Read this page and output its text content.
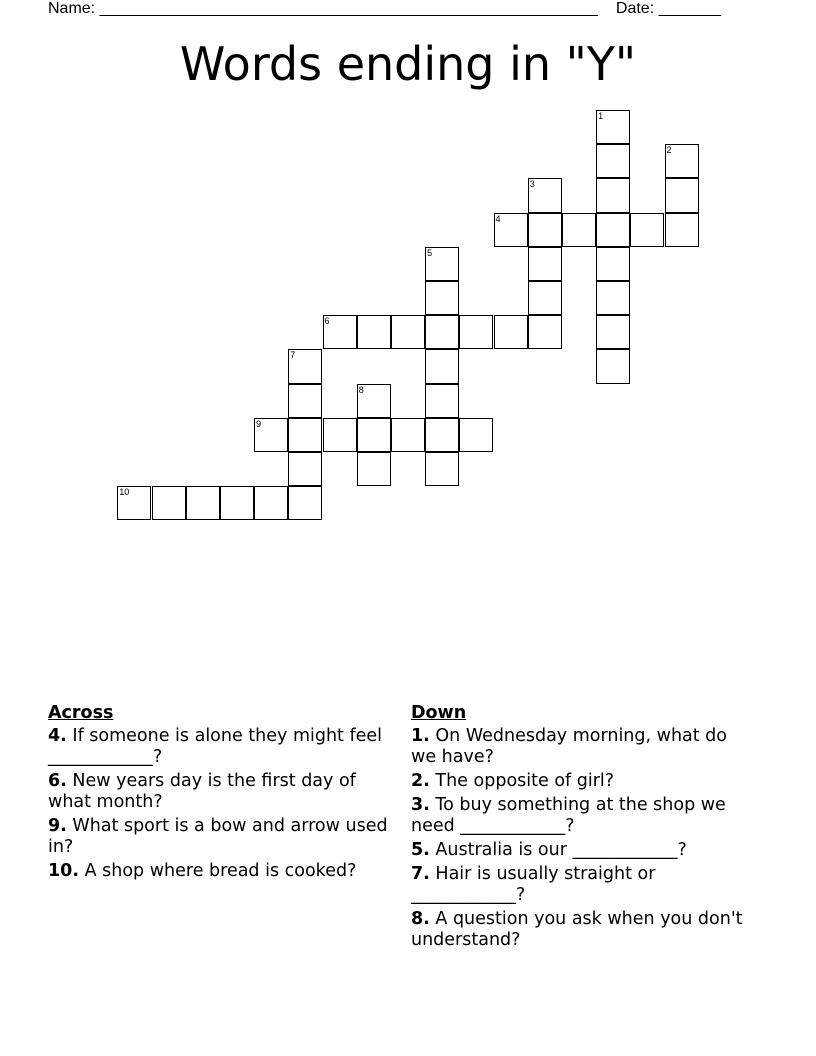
Name: ________________________________________________________ Date: _______
Words ending in "Y"
1
2
3
4
5
6
7
8
9
10
Across
4. If someone is alone they might feel ____________?
6. New years day is the first day of what month?
9. What sport is a bow and arrow used in?
10. A shop where bread is cooked?
Down
1. On Wednesday morning, what do we have?
2. The opposite of girl?
3. To buy something at the shop we need ____________?
5. Australia is our ____________?
7. Hair is usually straight or ____________?
8. A question you ask when you don't understand?
